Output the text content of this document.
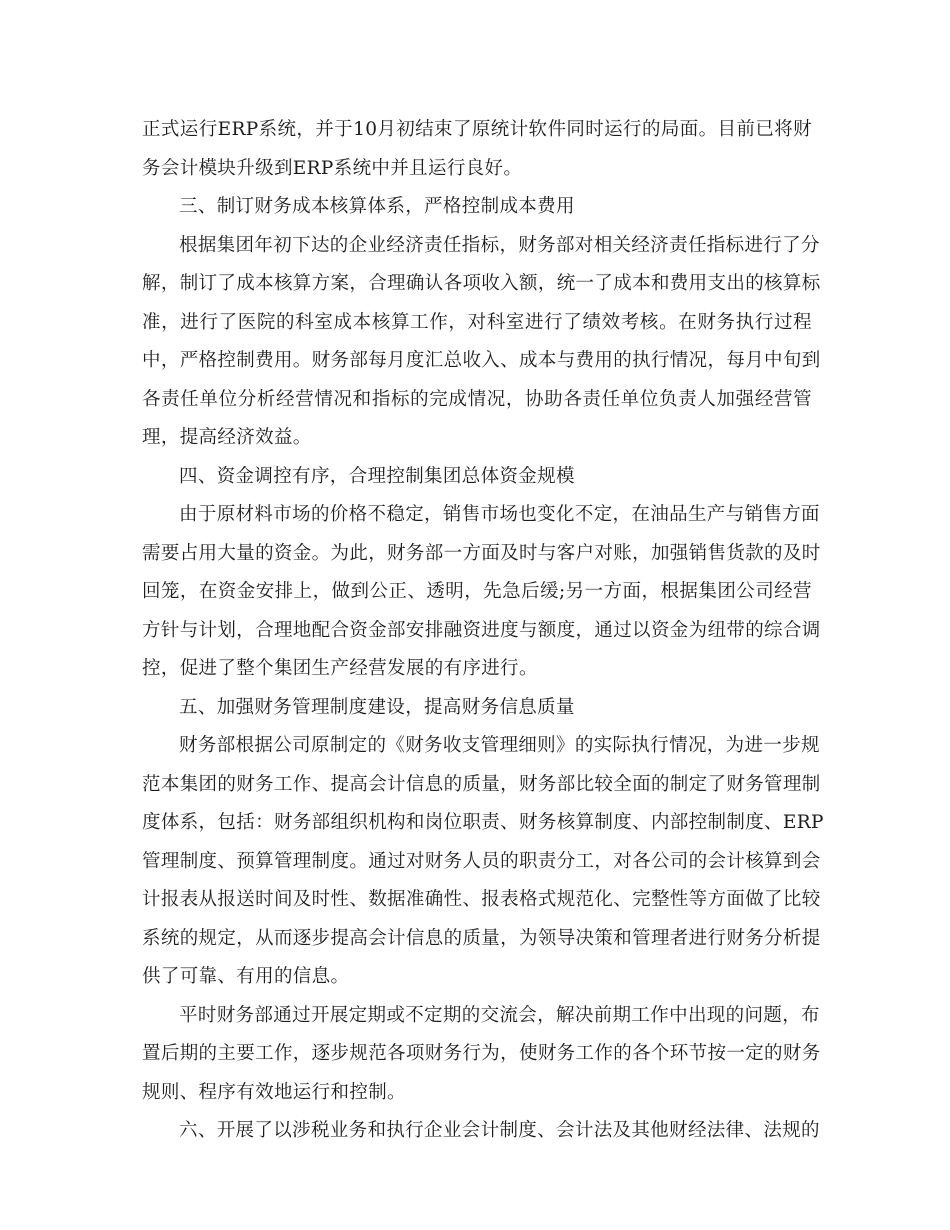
正式运行ERP系统，并于10月初结束了原统计软件同时运行的局面。目前已将财
务会计模块升级到ERP系统中并且运行良好。
三、制订财务成本核算体系，严格控制成本费用
根据集团年初下达的企业经济责任指标，财务部对相关经济责任指标进行了分
解，制订了成本核算方案，合理确认各项收入额，统一了成本和费用支出的核算标
准，进行了医院的科室成本核算工作，对科室进行了绩效考核。在财务执行过程
中，严格控制费用。财务部每月度汇总收入、成本与费用的执行情况，每月中旬到
各责任单位分析经营情况和指标的完成情况，协助各责任单位负责人加强经营管
理，提高经济效益。
四、资金调控有序，合理控制集团总体资金规模
由于原材料市场的价格不稳定，销售市场也变化不定，在油品生产与销售方面
需要占用大量的资金。为此，财务部一方面及时与客户对账，加强销售货款的及时
回笼，在资金安排上，做到公正、透明，先急后缓;另一方面，根据集团公司经营
方针与计划，合理地配合资金部安排融资进度与额度，通过以资金为纽带的综合调
控，促进了整个集团生产经营发展的有序进行。
五、加强财务管理制度建设，提高财务信息质量
财务部根据公司原制定的《财务收支管理细则》的实际执行情况，为进一步规
范本集团的财务工作、提高会计信息的质量，财务部比较全面的制定了财务管理制
度体系，包括：财务部组织机构和岗位职责、财务核算制度、内部控制制度、ERP
管理制度、预算管理制度。通过对财务人员的职责分工，对各公司的会计核算到会
计报表从报送时间及时性、数据准确性、报表格式规范化、完整性等方面做了比较
系统的规定，从而逐步提高会计信息的质量，为领导决策和管理者进行财务分析提
供了可靠、有用的信息。
平时财务部通过开展定期或不定期的交流会，解决前期工作中出现的问题，布
置后期的主要工作，逐步规范各项财务行为，使财务工作的各个环节按一定的财务
规则、程序有效地运行和控制。
六、开展了以涉税业务和执行企业会计制度、会计法及其他财经法律、法规的
